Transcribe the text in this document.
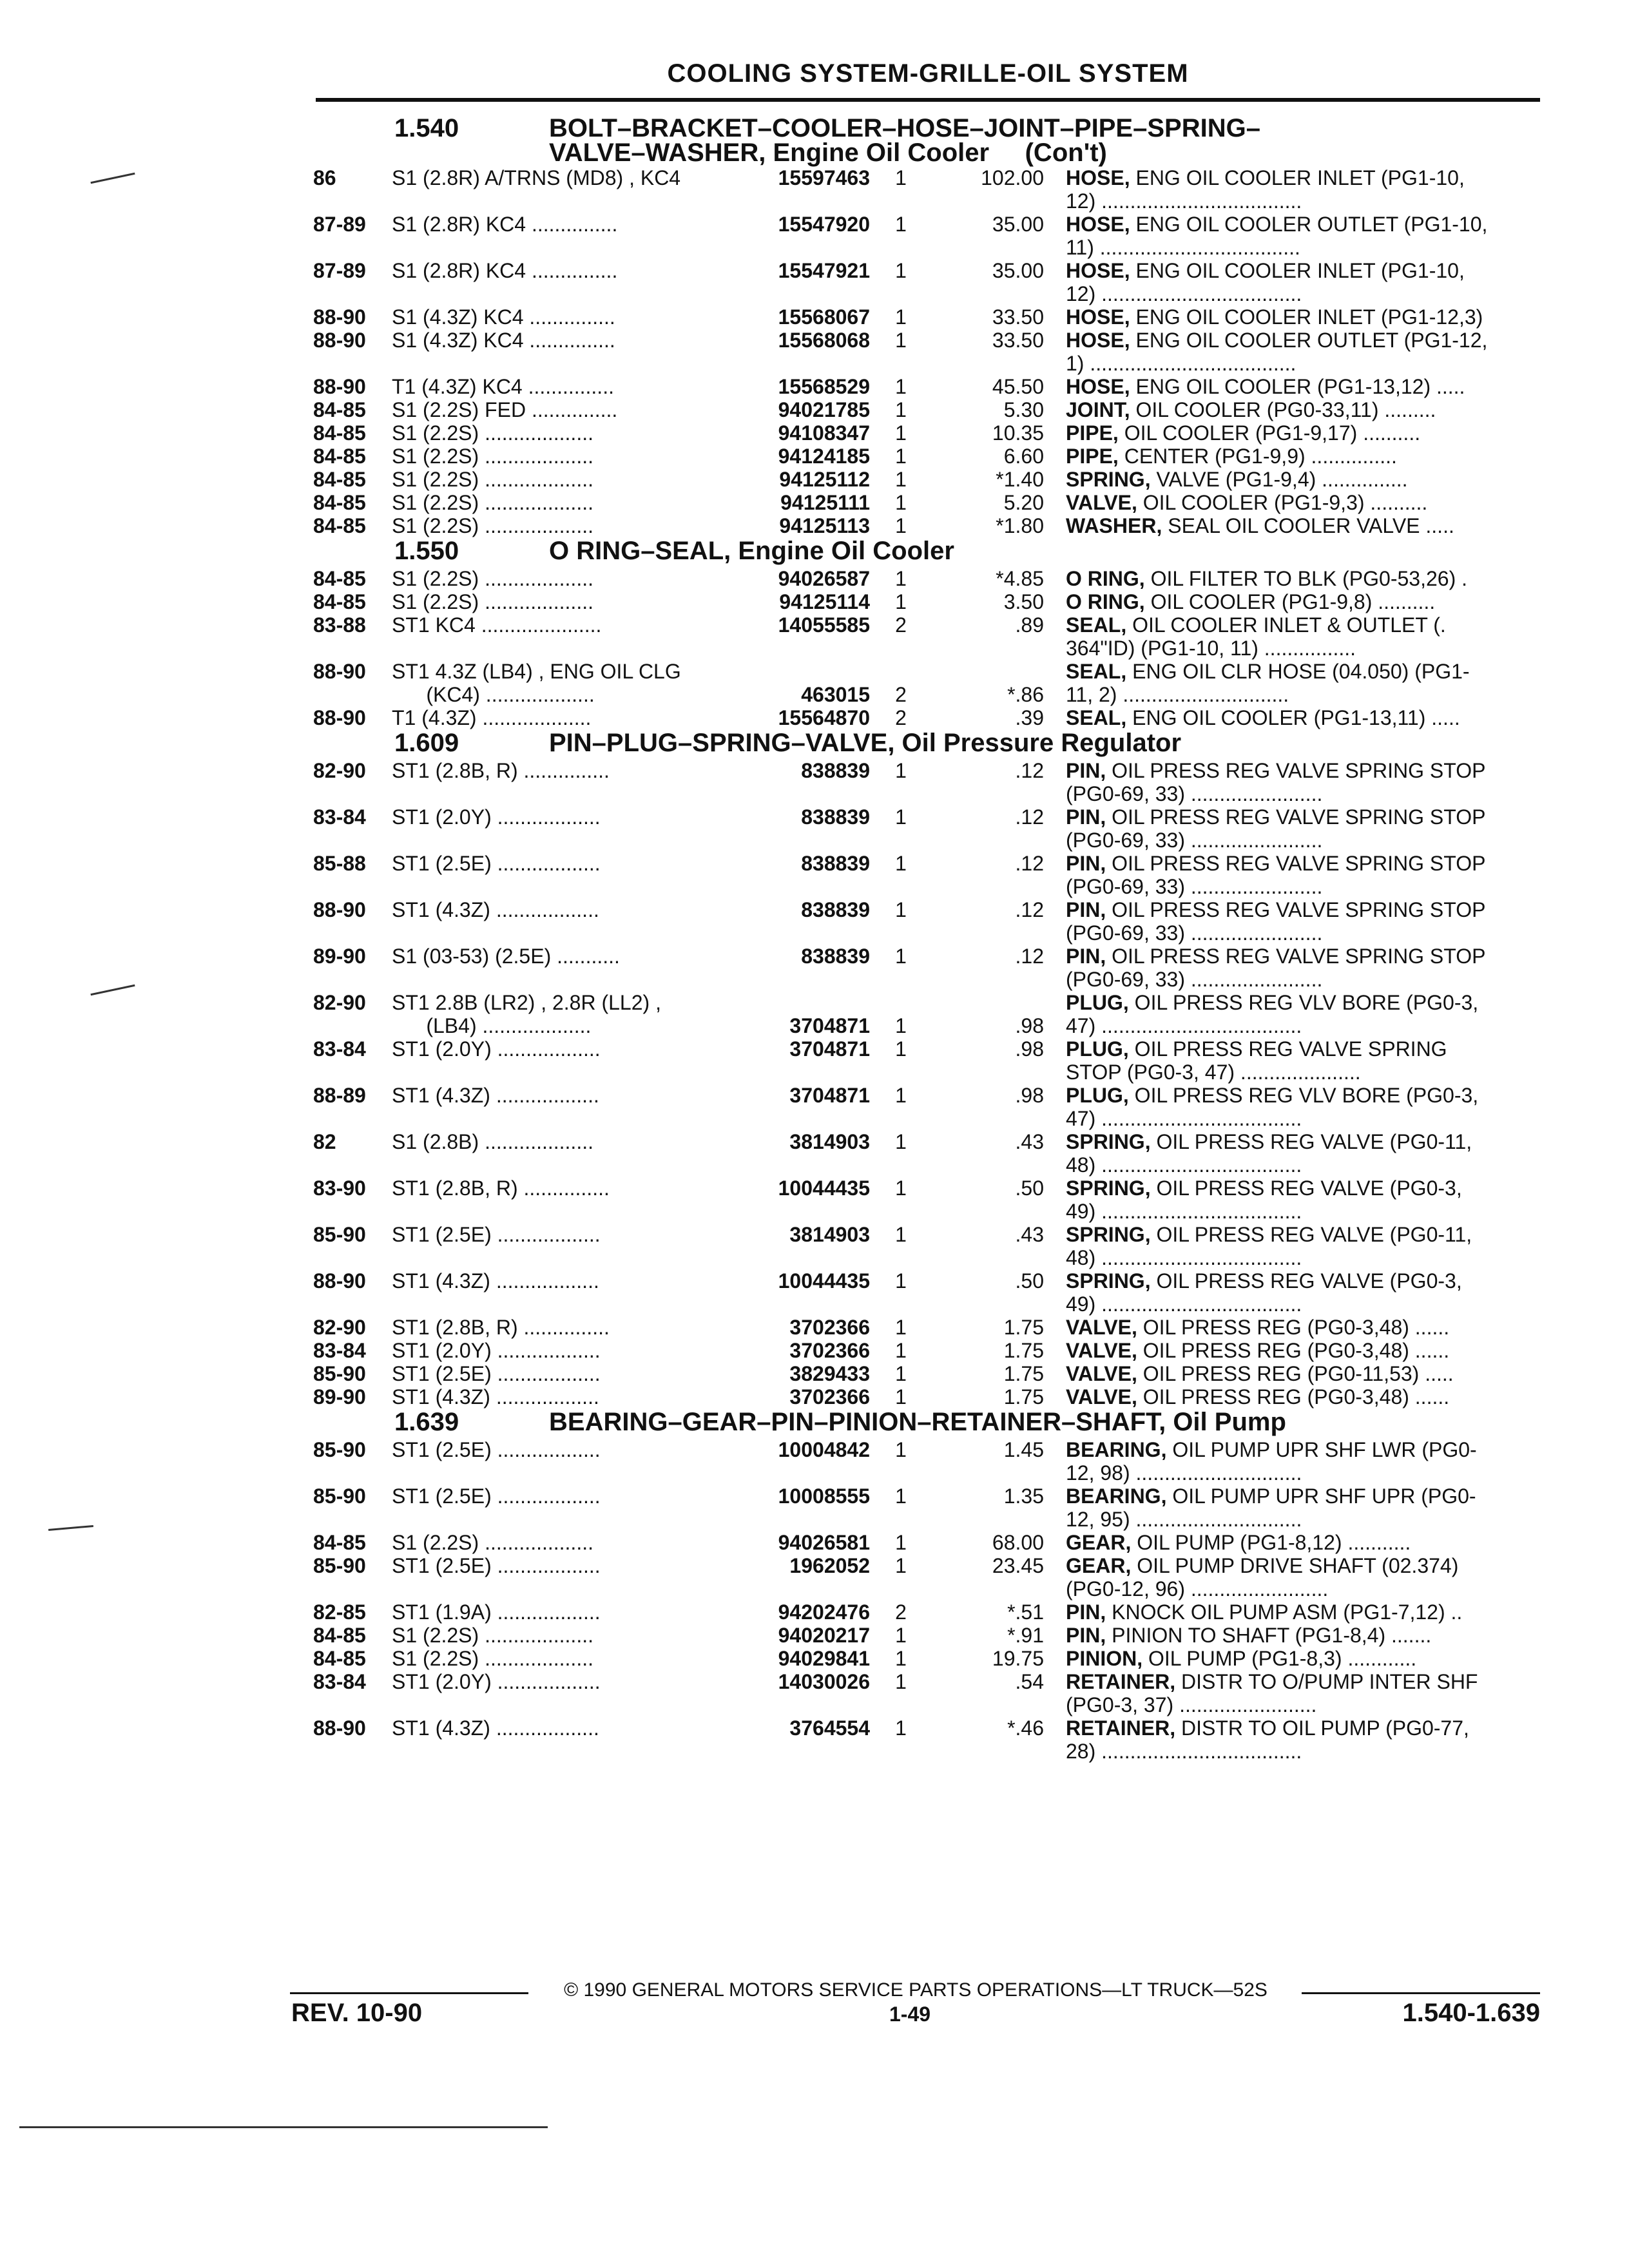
COOLING SYSTEM-GRILLE-OIL SYSTEM
1.540	BOLT–BRACKET–COOLER–HOSE–JOINT–PIPE–SPRING–
VALVE–WASHER, Engine Oil Cooler     (Con't)
86	S1 (2.8R) A/TRNS (MD8) , KC4	15597463 1	102.00 HOSE, ENG OIL COOLER INLET (PG1-10,
12) ...................................
87-89 S1 (2.8R) KC4 ...............	15547920 1	35.00 HOSE, ENG OIL COOLER OUTLET (PG1-10,
11) ...................................
87-89 S1 (2.8R) KC4 ...............	15547921 1	35.00 HOSE, ENG OIL COOLER INLET (PG1-10,
12) ...................................
88-90 S1 (4.3Z) KC4 ...............	15568067 1	33.50 HOSE, ENG OIL COOLER INLET (PG1-12,3)
88-90 S1 (4.3Z) KC4 ...............	15568068 1	33.50 HOSE, ENG OIL COOLER OUTLET (PG1-12,
1) ....................................
88-90 T1 (4.3Z) KC4 ...............	15568529 1	45.50 HOSE, ENG OIL COOLER (PG1-13,12) .....
84-85 S1 (2.2S) FED ...............	94021785 1	5.30 JOINT, OIL COOLER (PG0-33,11) .........
84-85 S1 (2.2S) ...................	94108347 1	10.35 PIPE, OIL COOLER (PG1-9,17) ..........
84-85 S1 (2.2S) ...................	94124185 1	6.60 PIPE, CENTER (PG1-9,9) ...............
84-85 S1 (2.2S) ...................	94125112 1	*1.40 SPRING, VALVE (PG1-9,4) ...............
84-85 S1 (2.2S) ...................	94125111 1	5.20 VALVE, OIL COOLER (PG1-9,3) ..........
84-85 S1 (2.2S) ...................	94125113 1	*1.80 WASHER, SEAL OIL COOLER VALVE .....
1.550	O RING–SEAL, Engine Oil Cooler
84-85 S1 (2.2S) ...................	94026587 1	*4.85 O RING, OIL FILTER TO BLK (PG0-53,26) .
84-85 S1 (2.2S) ...................	94125114 1	3.50 O RING, OIL COOLER (PG1-9,8) ..........
83-88 ST1 KC4 .....................	14055585 2	.89 SEAL, OIL COOLER INLET & OUTLET (.
364"ID) (PG1-10, 11) ................
88-90 ST1 4.3Z (LB4) , ENG OIL CLG
(KC4) ...................	463015 2	*.86
SEAL, ENG OIL CLR HOSE (04.050) (PG1-
11, 2) .............................
88-90 T1 (4.3Z) ...................	15564870 2	.39 SEAL, ENG OIL COOLER (PG1-13,11) .....
1.609	PIN–PLUG–SPRING–VALVE, Oil Pressure Regulator
82-90 ST1 (2.8B, R) ...............	838839 1	.12 PIN, OIL PRESS REG VALVE SPRING STOP
(PG0-69, 33) .......................
83-84 ST1 (2.0Y) ..................	838839 1	.12 PIN, OIL PRESS REG VALVE SPRING STOP
(PG0-69, 33) .......................
85-88 ST1 (2.5E) ..................	838839 1	.12 PIN, OIL PRESS REG VALVE SPRING STOP
(PG0-69, 33) .......................
88-90 ST1 (4.3Z) ..................	838839 1	.12 PIN, OIL PRESS REG VALVE SPRING STOP
(PG0-69, 33) .......................
89-90 S1 (03-53) (2.5E) ...........	838839 1	.12 PIN, OIL PRESS REG VALVE SPRING STOP
(PG0-69, 33) .......................
82-90 ST1 2.8B (LR2) , 2.8R (LL2) ,
(LB4) ...................	3704871 1	.98
PLUG, OIL PRESS REG VLV BORE (PG0-3,
47) ...................................
83-84 ST1 (2.0Y) ..................	3704871 1	.98 PLUG, OIL PRESS REG VALVE SPRING
STOP (PG0-3, 47) .....................
88-89 ST1 (4.3Z) ..................	3704871 1	.98 PLUG, OIL PRESS REG VLV BORE (PG0-3,
47) ...................................
82	S1 (2.8B) ...................	3814903 1	.43 SPRING, OIL PRESS REG VALVE (PG0-11,
48) ...................................
83-90 ST1 (2.8B, R) ...............	10044435 1	.50 SPRING, OIL PRESS REG VALVE (PG0-3,
49) ...................................
85-90 ST1 (2.5E) ..................	3814903 1	.43 SPRING, OIL PRESS REG VALVE (PG0-11,
48) ...................................
88-90 ST1 (4.3Z) ..................	10044435 1	.50 SPRING, OIL PRESS REG VALVE (PG0-3,
49) ...................................
82-90 ST1 (2.8B, R) ...............	3702366 1	1.75 VALVE, OIL PRESS REG (PG0-3,48) ......
83-84 ST1 (2.0Y) ..................	3702366 1	1.75 VALVE, OIL PRESS REG (PG0-3,48) ......
85-90 ST1 (2.5E) ..................	3829433 1	1.75 VALVE, OIL PRESS REG (PG0-11,53) .....
89-90 ST1 (4.3Z) ..................	3702366 1	1.75 VALVE, OIL PRESS REG (PG0-3,48) ......
1.639	BEARING–GEAR–PIN–PINION–RETAINER–SHAFT, Oil Pump
85-90 ST1 (2.5E) ..................	10004842 1	1.45 BEARING, OIL PUMP UPR SHF LWR (PG0-
12, 98) .............................
85-90 ST1 (2.5E) ..................	10008555 1	1.35 BEARING, OIL PUMP UPR SHF UPR (PG0-
12, 95) .............................
84-85 S1 (2.2S) ...................	94026581 1	68.00 GEAR, OIL PUMP (PG1-8,12) ...........
85-90 ST1 (2.5E) ..................	1962052 1	23.45 GEAR, OIL PUMP DRIVE SHAFT (02.374)
(PG0-12, 96) ........................
82-85 ST1 (1.9A) ..................	94202476 2	*.51 PIN, KNOCK OIL PUMP ASM (PG1-7,12) ..
84-85 S1 (2.2S) ...................	94020217 1	*.91 PIN, PINION TO SHAFT (PG1-8,4) .......
84-85 S1 (2.2S) ...................	94029841 1	19.75 PINION, OIL PUMP (PG1-8,3) ............
83-84 ST1 (2.0Y) ..................	14030026 1	.54 RETAINER, DISTR TO O/PUMP INTER SHF
(PG0-3, 37) ........................
88-90 ST1 (4.3Z) ..................	3764554 1	*.46 RETAINER, DISTR TO OIL PUMP (PG0-77,
28) ...................................
© 1990 GENERAL MOTORS SERVICE PARTS OPERATIONS—LT TRUCK—52S
REV. 10-90	1-49	1.540-1.639
